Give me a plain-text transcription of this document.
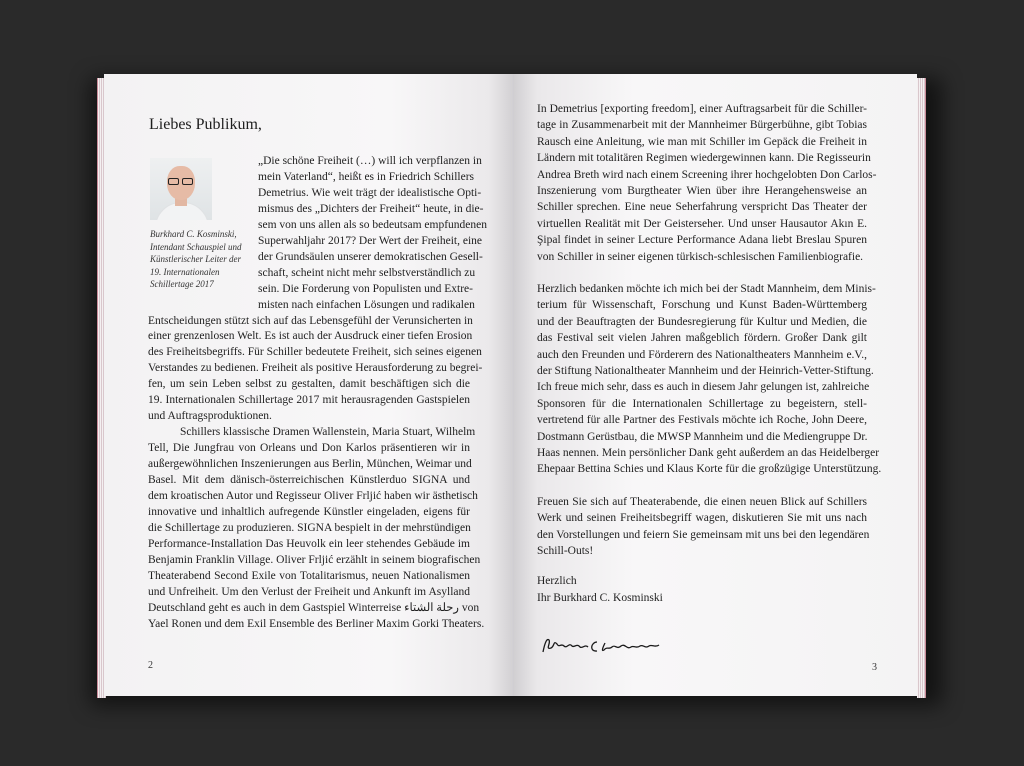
Liebes Publikum,
Burkhard C. Kosminski, Intendant Schauspiel und Künstlerischer Leiter der 19. Internationalen Schillertage 2017
„Die schöne Freiheit (…) will ich verpflanzen in
mein Vaterland“, heißt es in Friedrich Schillers
Demetrius. Wie weit trägt der idealistische Opti-
mismus des „Dichters der Freiheit“ heute, in die-
sem von uns allen als so bedeutsam empfundenen
Superwahljahr 2017? Der Wert der Freiheit, eine
der Grundsäulen unserer demokratischen Gesell-
schaft, scheint nicht mehr selbstverständlich zu
sein. Die Forderung von Populisten und Extre-
misten nach einfachen Lösungen und radikalen
Entscheidungen stützt sich auf das Lebensgefühl der Verunsicherten in
einer grenzenlosen Welt. Es ist auch der Ausdruck einer tiefen Erosion
des Freiheitsbegriffs. Für Schiller bedeutete Freiheit, sich seines eigenen
Verstandes zu bedienen. Freiheit als positive Herausforderung zu begrei-
fen, um sein Leben selbst zu gestalten, damit beschäftigen sich die
19. Internationalen Schillertage 2017 mit herausragenden Gastspielen
und Auftragsproduktionen.
Schillers klassische Dramen Wallenstein, Maria Stuart, Wilhelm
Tell, Die Jungfrau von Orleans und Don Karlos präsentieren wir in
außergewöhnlichen Inszenierungen aus Berlin, München, Weimar und
Basel. Mit dem dänisch-österreichischen Künstlerduo SIGNA und
dem kroatischen Autor und Regisseur Oliver Frljić haben wir ästhetisch
innovative und inhaltlich aufregende Künstler eingeladen, eigens für
die Schillertage zu produzieren. SIGNA bespielt in der mehrstündigen
Performance-Installation Das Heuvolk ein leer stehendes Gebäude im
Benjamin Franklin Village. Oliver Frljić erzählt in seinem biografischen
Theaterabend Second Exile von Totalitarismus, neuen Nationalismen
und Unfreiheit. Um den Verlust der Freiheit und Ankunft im Asylland
Deutschland geht es auch in dem Gastspiel Winterreise رحلة الشتاء von
Yael Ronen und dem Exil Ensemble des Berliner Maxim Gorki Theaters.
2
In Demetrius [exporting freedom], einer Auftragsarbeit für die Schiller-
tage in Zusammenarbeit mit der Mannheimer Bürgerbühne, gibt Tobias
Rausch eine Anleitung, wie man mit Schiller im Gepäck die Freiheit in
Ländern mit totalitären Regimen wiedergewinnen kann. Die Regisseurin
Andrea Breth wird nach einem Screening ihrer hochgelobten Don Carlos-
Inszenierung vom Burgtheater Wien über ihre Herangehensweise an
Schiller sprechen. Eine neue Seherfahrung verspricht Das Theater der
virtuellen Realität mit Der Geisterseher. Und unser Hausautor Akın E.
Şipal findet in seiner Lecture Performance Adana liebt Breslau Spuren
von Schiller in seiner eigenen türkisch-schlesischen Familienbiografie.
Herzlich bedanken möchte ich mich bei der Stadt Mannheim, dem Minis-
terium für Wissenschaft, Forschung und Kunst Baden-Württemberg
und der Beauftragten der Bundesregierung für Kultur und Medien, die
das Festival seit vielen Jahren maßgeblich fördern. Großer Dank gilt
auch den Freunden und Förderern des Nationaltheaters Mannheim e.V.,
der Stiftung Nationaltheater Mannheim und der Heinrich-Vetter-Stiftung.
Ich freue mich sehr, dass es auch in diesem Jahr gelungen ist, zahlreiche
Sponsoren für die Internationalen Schillertage zu begeistern, stell-
vertretend für alle Partner des Festivals möchte ich Roche, John Deere,
Dostmann Gerüstbau, die MWSP Mannheim und die Mediengruppe Dr.
Haas nennen. Mein persönlicher Dank geht außerdem an das Heidelberger
Ehepaar Bettina Schies und Klaus Korte für die großzügige Unterstützung.
Freuen Sie sich auf Theaterabende, die einen neuen Blick auf Schillers
Werk und seinen Freiheitsbegriff wagen, diskutieren Sie mit uns nach
den Vorstellungen und feiern Sie gemeinsam mit uns bei den legendären
Schill-Outs!
Herzlich
Ihr Burkhard C. Kosminski
3
